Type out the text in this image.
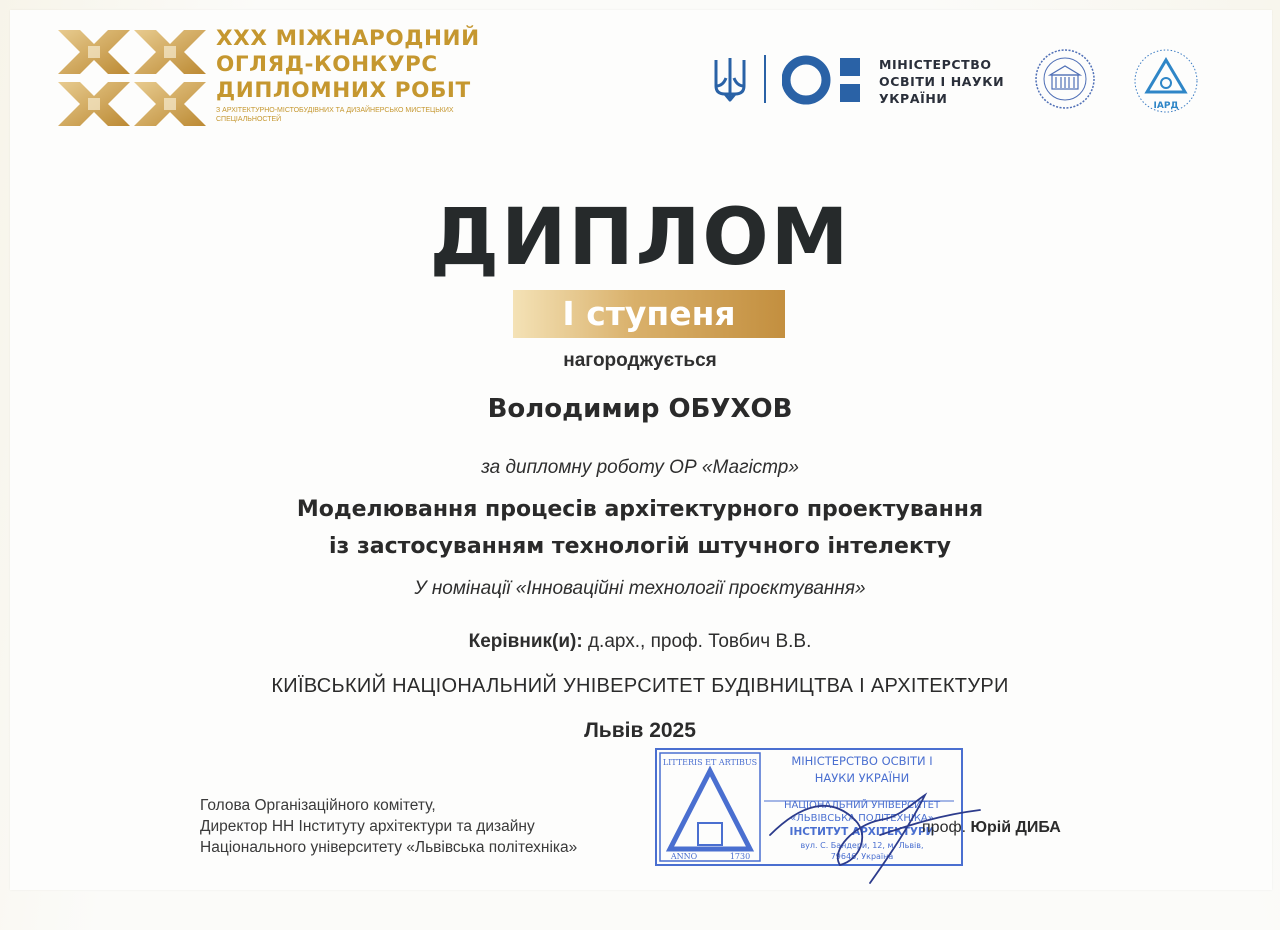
XXX МІЖНАРОДНИЙ
ОГЛЯД-КОНКУРС
ДИПЛОМНИХ РОБІТ
З АРХІТЕКТУРНО-МІСТОБУДІВНИХ ТА ДИЗАЙНЕРСЬКО МИСТЕЦЬКИХ СПЕЦІАЛЬНОСТЕЙ
МІНІСТЕРСТВО
ОСВІТИ І НАУКИ
УКРАЇНИ	ІАРД
ДИПЛОМ
І ступеня
нагороджується
Володимир ОБУХОВ
за дипломну роботу ОР «Магістр»
Моделювання процесів архітектурного проектування
із застосуванням технологій штучного інтелекту
У номінації «Інноваційні технології проєктування»
Керівник(и): д.арх., проф. Товбич В.В.
КИЇВСЬКИЙ НАЦІОНАЛЬНИЙ УНІВЕРСИТЕТ БУДІВНИЦТВА І АРХІТЕКТУРИ
Львів 2025
Голова Організаційного комітету,
Директор НН Інституту архітектури та дизайну
Національного університету «Львівська політехніка»
LITTERIS ET ARTIBUS
ANNO	1730
МІНІСТЕРСТВО ОСВІТИ І
НАУКИ УКРАЇНИ
НАЦІОНАЛЬНИЙ УНІВЕРСИТЕТ
«ЛЬВІВСЬКА ПОЛІТЕХНІКА»
ІНСТИТУТ АРХІТЕКТУРИ
вул. С. Бандери, 12, м. Львів,
79646, Україна
проф. Юрій ДИБА
